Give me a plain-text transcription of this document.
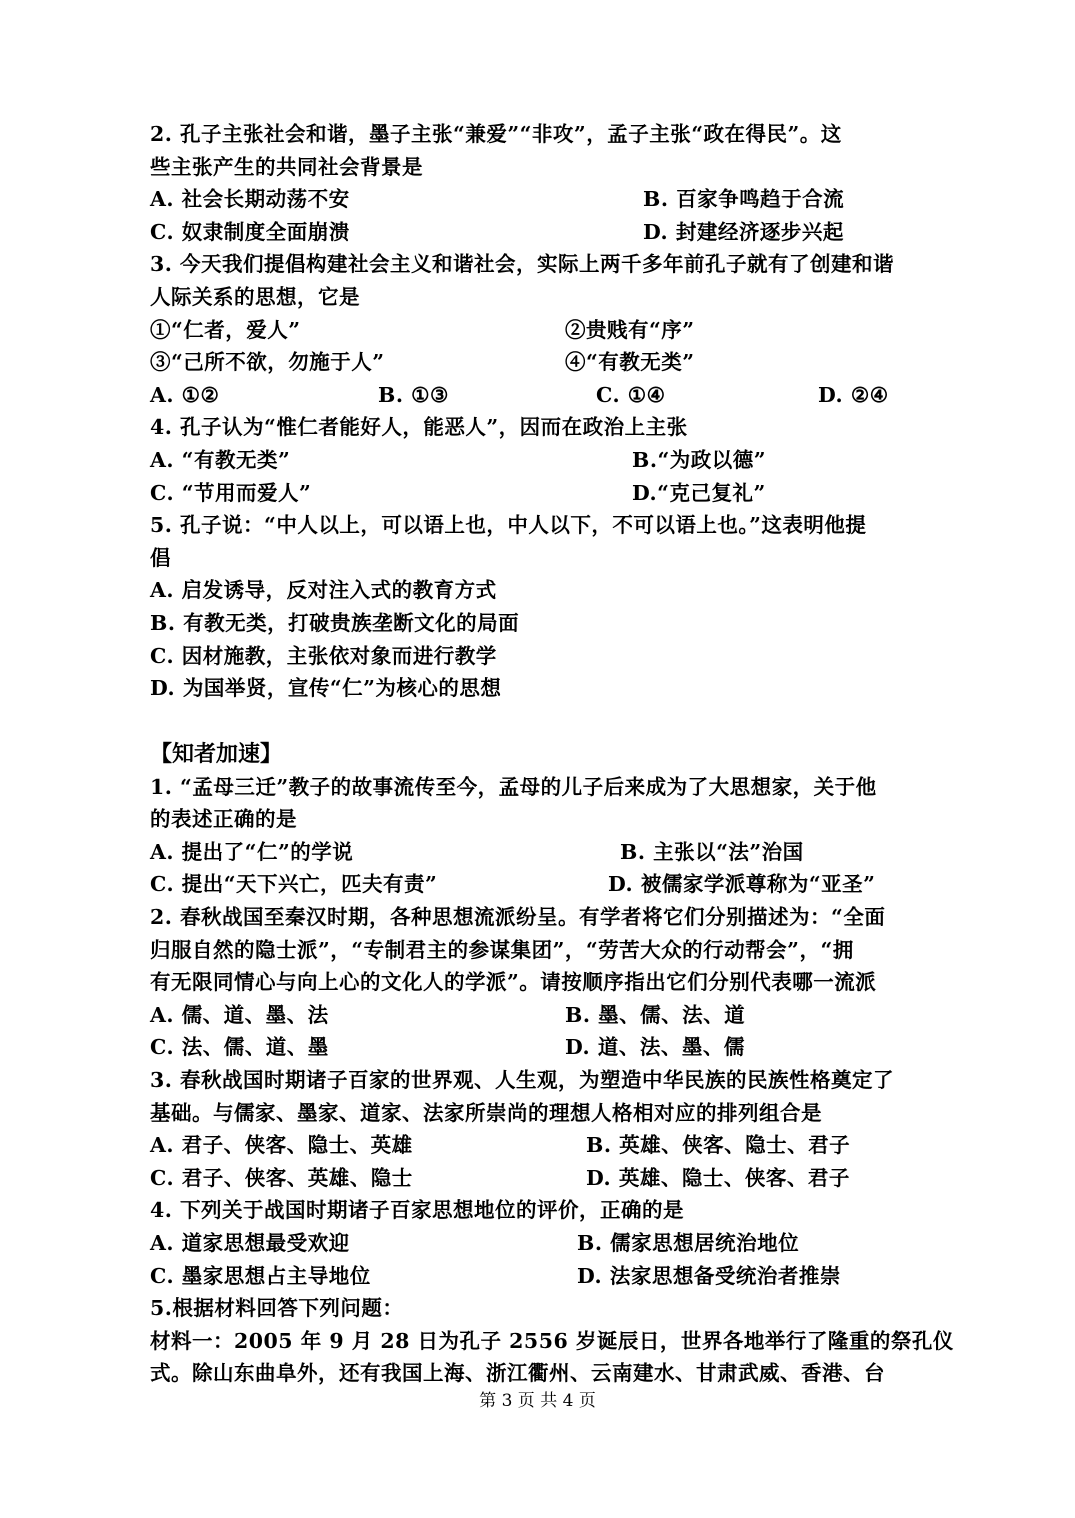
2. 孔子主张社会和谐，墨子主张“兼爱”“非攻”，孟子主张“政在得民”。这
些主张产生的共同社会背景是
A. 社会长期动荡不安	B. 百家争鸣趋于合流
C. 奴隶制度全面崩溃	D. 封建经济逐步兴起
3. 今天我们提倡构建社会主义和谐社会，实际上两千多年前孔子就有了创建和谐
人际关系的思想，它是
①“仁者，爱人”	②贵贱有“序”
③“己所不欲，勿施于人”	④“有教无类”
A. ①②	B. ①③	C. ①④	D. ②④
4. 孔子认为“惟仁者能好人，能恶人”，因而在政治上主张
A. “有教无类”	B.“为政以德”
C. “节用而爱人”	D.“克己复礼”
5. 孔子说：“中人以上，可以语上也，中人以下，不可以语上也。”这表明他提
倡
A. 启发诱导，反对注入式的教育方式
B. 有教无类，打破贵族垄断文化的局面
C. 因材施教，主张依对象而进行教学
D. 为国举贤，宣传“仁”为核心的思想
【知者加速】
1. “孟母三迁”教子的故事流传至今，孟母的儿子后来成为了大思想家，关于他
的表述正确的是
A. 提出了“仁”的学说	B. 主张以“法”治国
C. 提出“天下兴亡，匹夫有责”	D. 被儒家学派尊称为“亚圣”
2. 春秋战国至秦汉时期，各种思想流派纷呈。有学者将它们分别描述为：“全面
归服自然的隐士派”，“专制君主的参谋集团”，“劳苦大众的行动帮会”，“拥
有无限同情心与向上心的文化人的学派”。请按顺序指出它们分别代表哪一流派
A. 儒、道、墨、法	B. 墨、儒、法、道
C. 法、儒、道、墨	D. 道、法、墨、儒
3. 春秋战国时期诸子百家的世界观、人生观，为塑造中华民族的民族性格奠定了
基础。与儒家、墨家、道家、法家所崇尚的理想人格相对应的排列组合是
A. 君子、侠客、隐士、英雄	B. 英雄、侠客、隐士、君子
C. 君子、侠客、英雄、隐士	D. 英雄、隐士、侠客、君子
4. 下列关于战国时期诸子百家思想地位的评价，正确的是
A. 道家思想最受欢迎	B. 儒家思想居统治地位
C. 墨家思想占主导地位	D. 法家思想备受统治者推崇
5.根据材料回答下列问题：
材料一：2005 年 9 月 28 日为孔子 2556 岁诞辰日，世界各地举行了隆重的祭孔仪
式。除山东曲阜外，还有我国上海、浙江衢州、云南建水、甘肃武威、香港、台
第 3 页 共 4 页
